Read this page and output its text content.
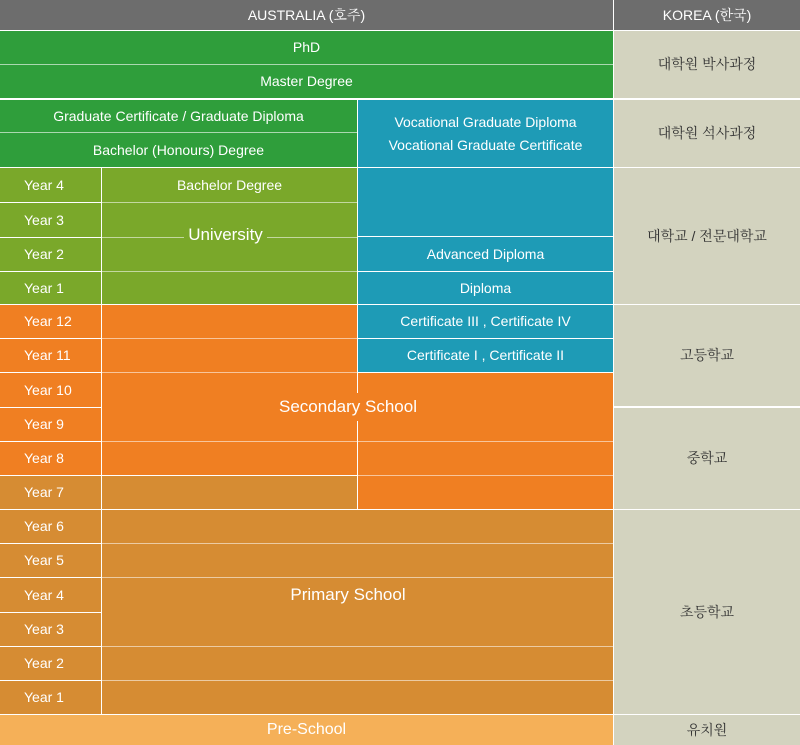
AUSTRALIA (호주)	KOREA (한국)
PhD
Master Degree
Graduate Certificate / Graduate Diploma
Bachelor (Honours) Degree
Vocational Graduate Diploma
Vocational Graduate Certificate
Year 4
Year 3
Year 2
Year 1
Bachelor Degree
University
Advanced Diploma
Diploma
Certificate III , Certificate IV
Certificate I , Certificate II
Year 12
Year 11
Year 10
Year 9
Year 8
Year 7
Secondary School
Year 6
Year 5
Year 4
Year 3
Year 2
Year 1
Primary School
Pre-School
대학원 박사과정
대학원 석사과정
대학교 / 전문대학교
고등학교
중학교
초등학교
유치원
